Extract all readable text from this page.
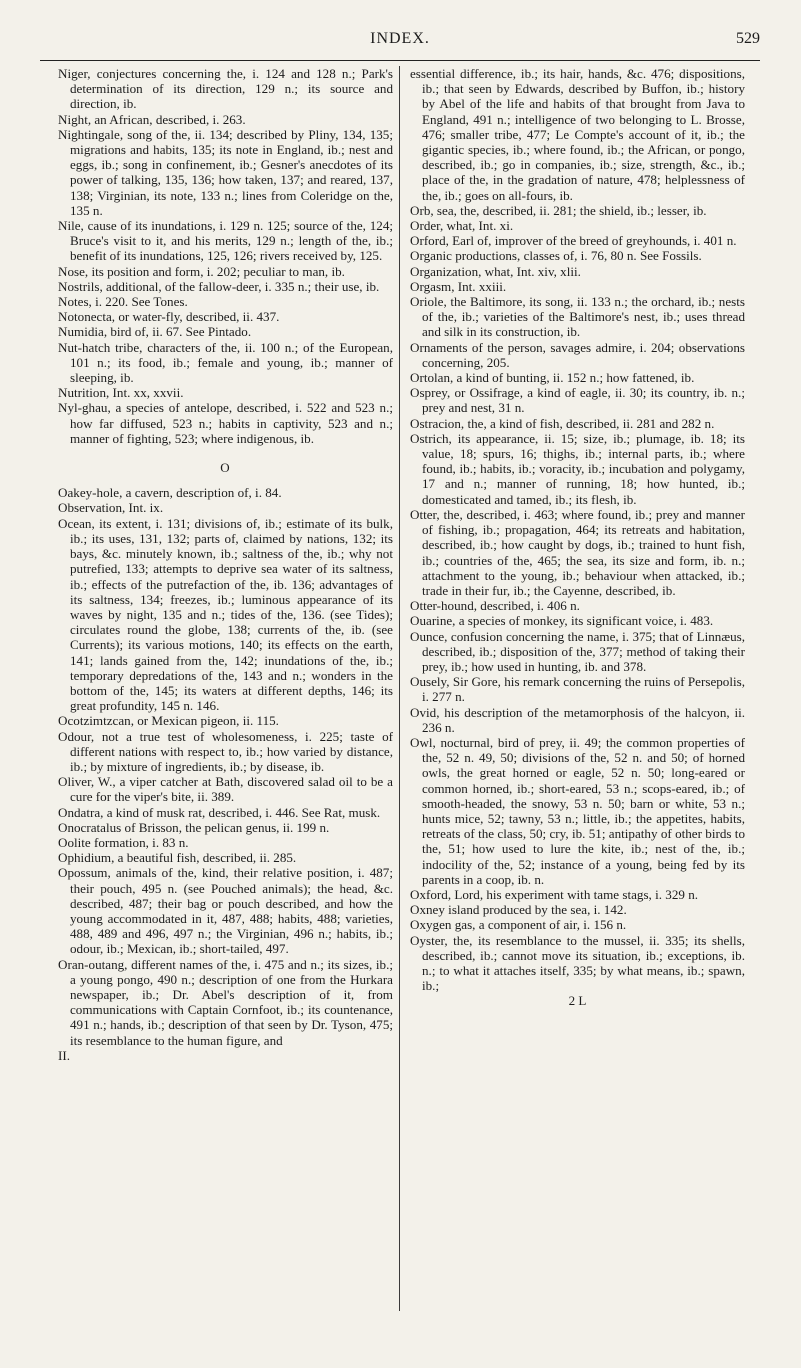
INDEX.	529

Niger, conjectures concerning the, i. 124 and 128 n.; Park's determination of its direction, 129 n.; its source and direction, ib.

Night, an African, described, i. 263.

Nightingale, song of the, ii. 134; described by Pliny, 134, 135; migrations and habits, 135; its note in England, ib.; nest and eggs, ib.; song in confinement, ib.; Gesner's anecdotes of its power of talking, 135, 136; how taken, 137; and reared, 137, 138; Virginian, its note, 133 n.; lines from Coleridge on the, 135 n.

Nile, cause of its inundations, i. 129 n. 125; source of the, 124; Bruce's visit to it, and his merits, 129 n.; length of the, ib.; benefit of its inundations, 125, 126; rivers received by, 125.

Nose, its position and form, i. 202; peculiar to man, ib.

Nostrils, additional, of the fallow-deer, i. 335 n.; their use, ib.

Notes, i. 220. See Tones.

Notonecta, or water-fly, described, ii. 437.

Numidia, bird of, ii. 67. See Pintado.

Nut-hatch tribe, characters of the, ii. 100 n.; of the European, 101 n.; its food, ib.; female and young, ib.; manner of sleeping, ib.

Nutrition, Int. xx, xxvii.

Nyl-ghau, a species of antelope, described, i. 522 and 523 n.; how far diffused, 523 n.; habits in captivity, 523 and n.; manner of fighting, 523; where indigenous, ib.

O

Oakey-hole, a cavern, description of, i. 84.

Observation, Int. ix.

Ocean, its extent, i. 131; divisions of, ib.; estimate of its bulk, ib.; its uses, 131, 132; parts of, claimed by nations, 132; its bays, &c. minutely known, ib.; saltness of the, ib.; why not putrefied, 133; attempts to deprive sea water of its saltness, ib.; effects of the putrefaction of the, ib. 136; advantages of its saltness, 134; freezes, ib.; luminous appearance of its waves by night, 135 and n.; tides of the, 136. (see Tides); circulates round the globe, 138; currents of the, ib. (see Currents); its various motions, 140; its effects on the earth, 141; lands gained from the, 142; inundations of the, ib.; temporary depredations of the, 143 and n.; wonders in the bottom of the, 145; its waters at different depths, 146; its great profundity, 145 n. 146.

Ocotzimtzcan, or Mexican pigeon, ii. 115.

Odour, not a true test of wholesomeness, i. 225; taste of different nations with respect to, ib.; how varied by distance, ib.; by mixture of ingredients, ib.; by disease, ib.

Oliver, W., a viper catcher at Bath, discovered salad oil to be a cure for the viper's bite, ii. 389.

Ondatra, a kind of musk rat, described, i. 446. See Rat, musk.

Onocratalus of Brisson, the pelican genus, ii. 199 n.

Oolite formation, i. 83 n.

Ophidium, a beautiful fish, described, ii. 285.

Opossum, animals of the, kind, their relative position, i. 487; their pouch, 495 n. (see Pouched animals); the head, &c. described, 487; their bag or pouch described, and how the young accommodated in it, 487, 488; habits, 488; varieties, 488, 489 and 496, 497 n.; the Virginian, 496 n.; habits, ib.; odour, ib.; Mexican, ib.; short-tailed, 497.

Oran-outang, different names of the, i. 475 and n.; its sizes, ib.; a young pongo, 490 n.; description of one from the Hurkara newspaper, ib.; Dr. Abel's description of it, from communications with Captain Cornfoot, ib.; its countenance, 491 n.; hands, ib.; description of that seen by Dr. Tyson, 475; its resemblance to the human figure, and

II.

essential difference, ib.; its hair, hands, &c. 476; dispositions, ib.; that seen by Edwards, described by Buffon, ib.; history by Abel of the life and habits of that brought from Java to England, 491 n.; intelligence of two belonging to L. Brosse, 476; smaller tribe, 477; Le Compte's account of it, ib.; the gigantic species, ib.; where found, ib.; the African, or pongo, described, ib.; go in companies, ib.; size, strength, &c., ib.; place of the, in the gradation of nature, 478; helplessness of the, ib.; goes on all-fours, ib.

Orb, sea, the, described, ii. 281; the shield, ib.; lesser, ib.

Order, what, Int. xi.

Orford, Earl of, improver of the breed of greyhounds, i. 401 n.

Organic productions, classes of, i. 76, 80 n. See Fossils.

Organization, what, Int. xiv, xlii.

Orgasm, Int. xxiii.

Oriole, the Baltimore, its song, ii. 133 n.; the orchard, ib.; nests of the, ib.; varieties of the Baltimore's nest, ib.; uses thread and silk in its construction, ib.

Ornaments of the person, savages admire, i. 204; observations concerning, 205.

Ortolan, a kind of bunting, ii. 152 n.; how fattened, ib.

Osprey, or Ossifrage, a kind of eagle, ii. 30; its country, ib. n.; prey and nest, 31 n.

Ostracion, the, a kind of fish, described, ii. 281 and 282 n.

Ostrich, its appearance, ii. 15; size, ib.; plumage, ib. 18; its value, 18; spurs, 16; thighs, ib.; internal parts, ib.; where found, ib.; habits, ib.; voracity, ib.; incubation and polygamy, 17 and n.; manner of running, 18; how hunted, ib.; domesticated and tamed, ib.; its flesh, ib.

Otter, the, described, i. 463; where found, ib.; prey and manner of fishing, ib.; propagation, 464; its retreats and habitation, described, ib.; how caught by dogs, ib.; trained to hunt fish, ib.; countries of the, 465; the sea, its size and form, ib. n.; attachment to the young, ib.; behaviour when attacked, ib.; trade in their fur, ib.; the Cayenne, described, ib.

Otter-hound, described, i. 406 n.

Ouarine, a species of monkey, its significant voice, i. 483.

Ounce, confusion concerning the name, i. 375; that of Linnæus, described, ib.; disposition of the, 377; method of taking their prey, ib.; how used in hunting, ib. and 378.

Ousely, Sir Gore, his remark concerning the ruins of Persepolis, i. 277 n.

Ovid, his description of the metamorphosis of the halcyon, ii. 236 n.

Owl, nocturnal, bird of prey, ii. 49; the common properties of the, 52 n. 49, 50; divisions of the, 52 n. and 50; of horned owls, the great horned or eagle, 52 n. 50; long-eared or common horned, ib.; short-eared, 53 n.; scops-eared, ib.; of smooth-headed, the snowy, 53 n. 50; barn or white, 53 n.; hunts mice, 52; tawny, 53 n.; little, ib.; the appetites, habits, retreats of the class, 50; cry, ib. 51; antipathy of other birds to the, 51; how used to lure the kite, ib.; nest of the, ib.; indocility of the, 52; instance of a young, being fed by its parents in a coop, ib. n.

Oxford, Lord, his experiment with tame stags, i. 329 n.

Oxney island produced by the sea, i. 142.

Oxygen gas, a component of air, i. 156 n.

Oyster, the, its resemblance to the mussel, ii. 335; its shells, described, ib.; cannot move its situation, ib.; exceptions, ib. n.; to what it attaches itself, 335; by what means, ib.; spawn, ib.;

2 L
